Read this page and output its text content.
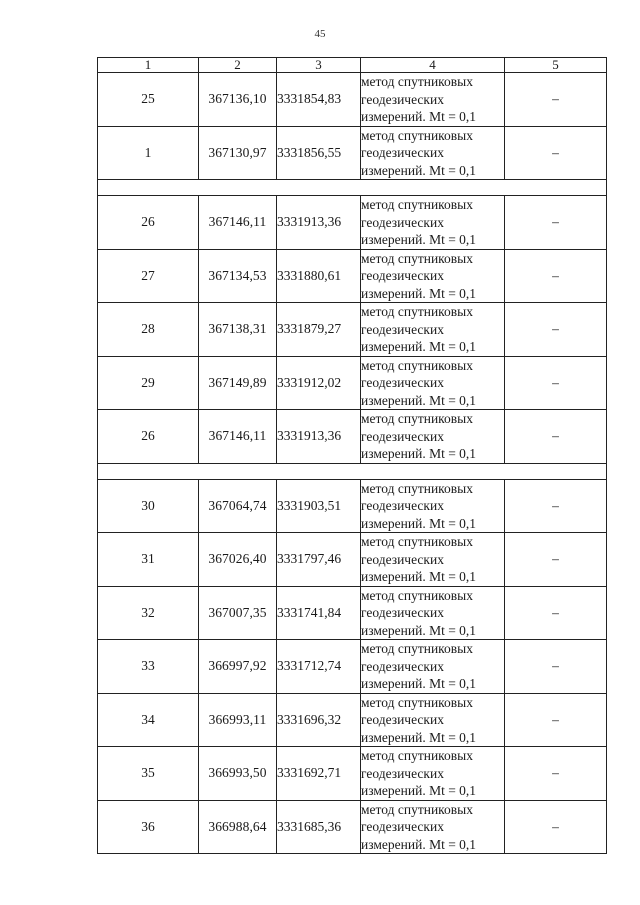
45
1	2	3	4	5
25	367136,10	3331854,83	метод спутниковых
геодезических
измерений. Mt = 0,1	–
1	367130,97	3331856,55	метод спутниковых
геодезических
измерений. Mt = 0,1	–

26	367146,11	3331913,36	метод спутниковых
геодезических
измерений. Mt = 0,1	–
27	367134,53	3331880,61	метод спутниковых
геодезических
измерений. Mt = 0,1	–
28	367138,31	3331879,27	метод спутниковых
геодезических
измерений. Mt = 0,1	–
29	367149,89	3331912,02	метод спутниковых
геодезических
измерений. Mt = 0,1	–
26	367146,11	3331913,36	метод спутниковых
геодезических
измерений. Mt = 0,1	–

30	367064,74	3331903,51	метод спутниковых
геодезических
измерений. Mt = 0,1	–
31	367026,40	3331797,46	метод спутниковых
геодезических
измерений. Mt = 0,1	–
32	367007,35	3331741,84	метод спутниковых
геодезических
измерений. Mt = 0,1	–
33	366997,92	3331712,74	метод спутниковых
геодезических
измерений. Mt = 0,1	–
34	366993,11	3331696,32	метод спутниковых
геодезических
измерений. Mt = 0,1	–
35	366993,50	3331692,71	метод спутниковых
геодезических
измерений. Mt = 0,1	–
36	366988,64	3331685,36	метод спутниковых
геодезических
измерений. Mt = 0,1	–
